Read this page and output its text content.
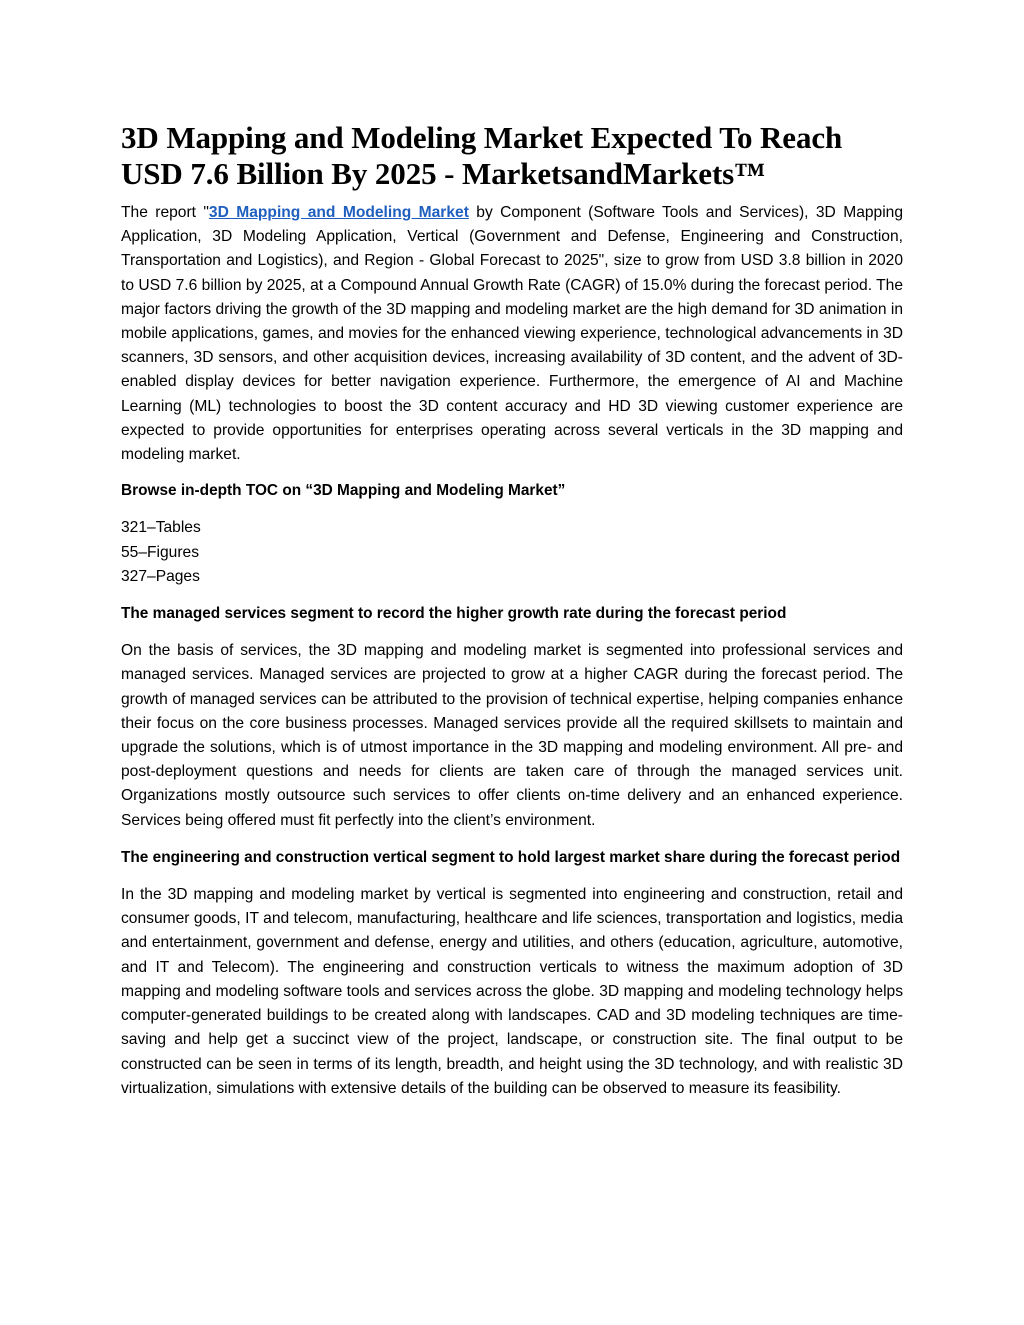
3D Mapping and Modeling Market Expected To Reach USD 7.6 Billion By 2025 - MarketsandMarkets™

The report "3D Mapping and Modeling Market by Component (Software Tools and Services), 3D Mapping Application, 3D Modeling Application, Vertical (Government and Defense, Engineering and Construction, Transportation and Logistics), and Region - Global Forecast to 2025", size to grow from USD 3.8 billion in 2020 to USD 7.6 billion by 2025, at a Compound Annual Growth Rate (CAGR) of 15.0% during the forecast period. The major factors driving the growth of the 3D mapping and modeling market are the high demand for 3D animation in mobile applications, games, and movies for the enhanced viewing experience, technological advancements in 3D scanners, 3D sensors, and other acquisition devices, increasing availability of 3D content, and the advent of 3D-enabled display devices for better navigation experience. Furthermore, the emergence of AI and Machine Learning (ML) technologies to boost the 3D content accuracy and HD 3D viewing customer experience are expected to provide opportunities for enterprises operating across several verticals in the 3D mapping and modeling market.

Browse in-depth TOC on “3D Mapping and Modeling Market”
321–Tables
55–Figures
327–Pages
The managed services segment to record the higher growth rate during the forecast period

On the basis of services, the 3D mapping and modeling market is segmented into professional services and managed services. Managed services are projected to grow at a higher CAGR during the forecast period. The growth of managed services can be attributed to the provision of technical expertise, helping companies enhance their focus on the core business processes. Managed services provide all the required skillsets to maintain and upgrade the solutions, which is of utmost importance in the 3D mapping and modeling environment. All pre- and post-deployment questions and needs for clients are taken care of through the managed services unit. Organizations mostly outsource such services to offer clients on-time delivery and an enhanced experience. Services being offered must fit perfectly into the client’s environment.

The engineering and construction vertical segment to hold largest market share during the forecast period

In the 3D mapping and modeling market by vertical is segmented into engineering and construction, retail and consumer goods, IT and telecom, manufacturing, healthcare and life sciences, transportation and logistics, media and entertainment, government and defense, energy and utilities, and others (education, agriculture, automotive, and IT and Telecom). The engineering and construction verticals to witness the maximum adoption of 3D mapping and modeling software tools and services across the globe. 3D mapping and modeling technology helps computer-generated buildings to be created along with landscapes. CAD and 3D modeling techniques are time-saving and help get a succinct view of the project, landscape, or construction site. The final output to be constructed can be seen in terms of its length, breadth, and height using the 3D technology, and with realistic 3D virtualization, simulations with extensive details of the building can be observed to measure its feasibility.
